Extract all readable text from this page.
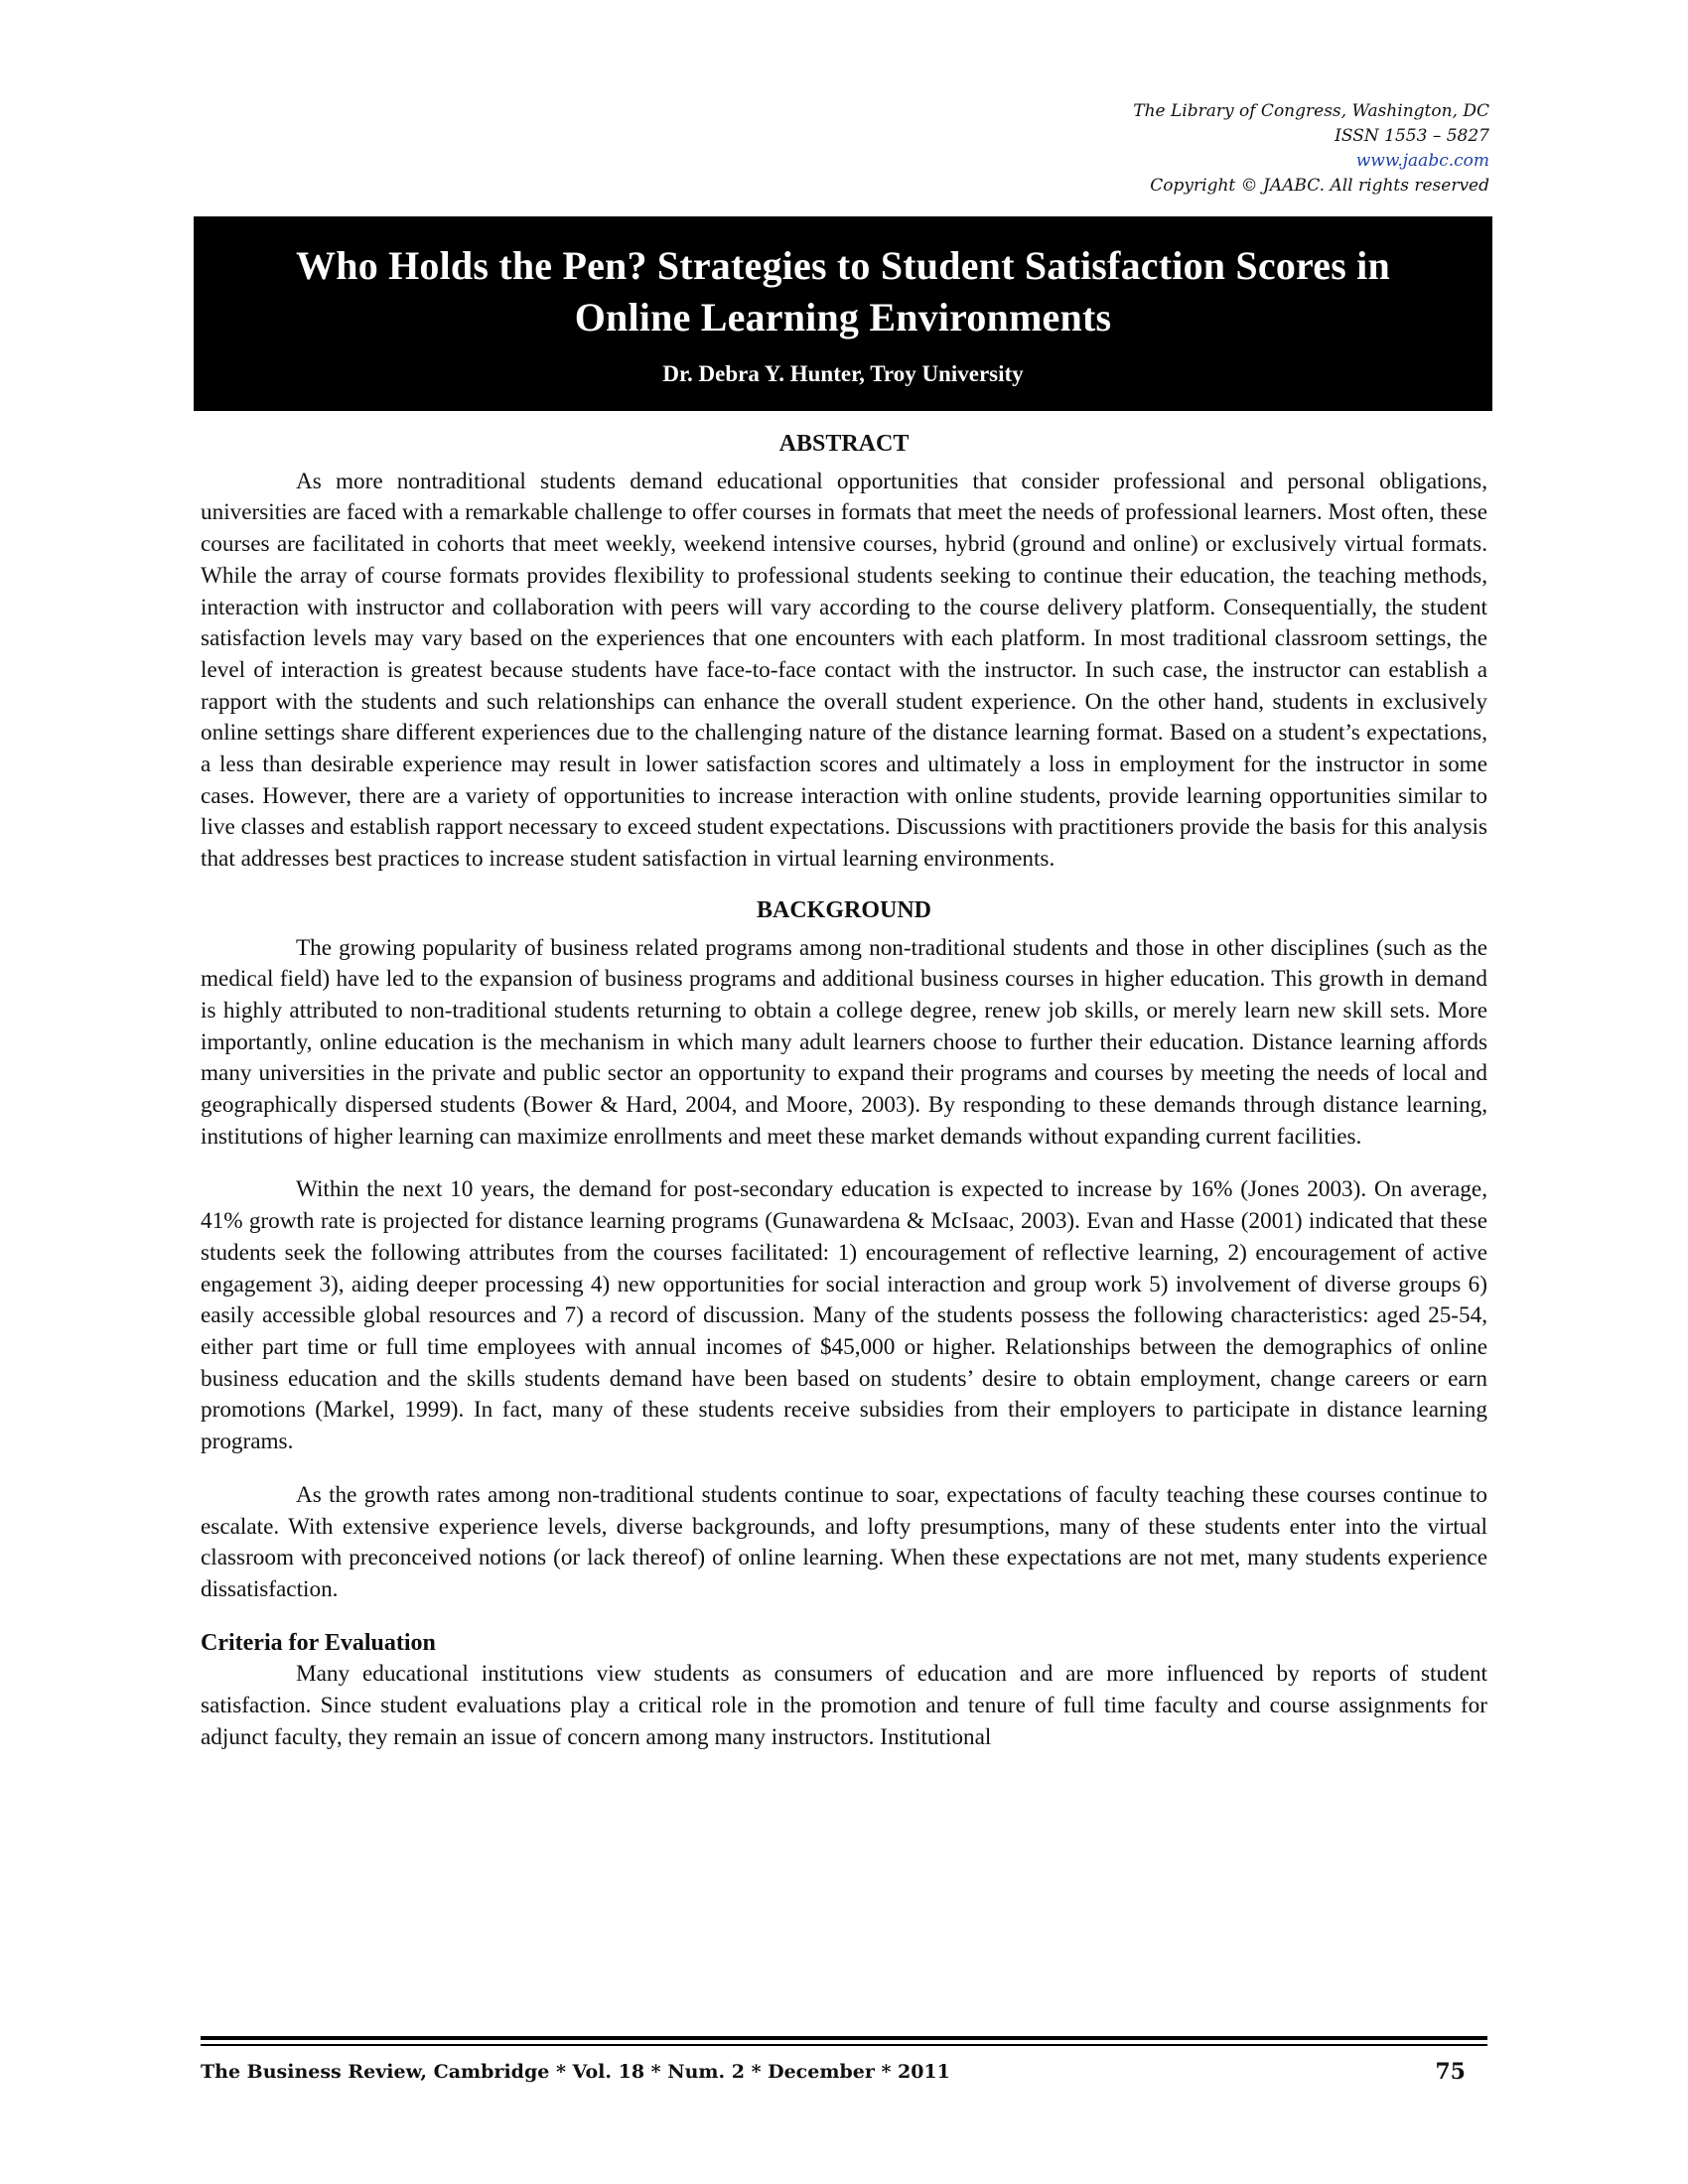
The Library of Congress, Washington, DC
ISSN 1553 – 5827
www.jaabc.com
Copyright © JAABC. All rights reserved
Who Holds the Pen? Strategies to Student Satisfaction Scores in
Online Learning Environments
Dr. Debra Y. Hunter, Troy University
ABSTRACT

As more nontraditional students demand educational opportunities that consider professional and personal obligations, universities are faced with a remarkable challenge to offer courses in formats that meet the needs of professional learners. Most often, these courses are facilitated in cohorts that meet weekly, weekend intensive courses, hybrid (ground and online) or exclusively virtual formats. While the array of course formats provides flexibility to professional students seeking to continue their education, the teaching methods, interaction with instructor and collaboration with peers will vary according to the course delivery platform. Consequentially, the student satisfaction levels may vary based on the experiences that one encounters with each platform. In most traditional classroom settings, the level of interaction is greatest because students have face-to-face contact with the instructor. In such case, the instructor can establish a rapport with the students and such relationships can enhance the overall student experience. On the other hand, students in exclusively online settings share different experiences due to the challenging nature of the distance learning format. Based on a student’s expectations, a less than desirable experience may result in lower satisfaction scores and ultimately a loss in employment for the instructor in some cases. However, there are a variety of opportunities to increase interaction with online students, provide learning opportunities similar to live classes and establish rapport necessary to exceed student expectations. Discussions with practitioners provide the basis for this analysis that addresses best practices to increase student satisfaction in virtual learning environments.

BACKGROUND

The growing popularity of business related programs among non-traditional students and those in other disciplines (such as the medical field) have led to the expansion of business programs and additional business courses in higher education. This growth in demand is highly attributed to non-traditional students returning to obtain a college degree, renew job skills, or merely learn new skill sets. More importantly, online education is the mechanism in which many adult learners choose to further their education. Distance learning affords many universities in the private and public sector an opportunity to expand their programs and courses by meeting the needs of local and geographically dispersed students (Bower & Hard, 2004, and Moore, 2003). By responding to these demands through distance learning, institutions of higher learning can maximize enrollments and meet these market demands without expanding current facilities.

Within the next 10 years, the demand for post-secondary education is expected to increase by 16% (Jones 2003). On average, 41% growth rate is projected for distance learning programs (Gunawardena & McIsaac, 2003). Evan and Hasse (2001) indicated that these students seek the following attributes from the courses facilitated: 1) encouragement of reflective learning, 2) encouragement of active engagement 3), aiding deeper processing 4) new opportunities for social interaction and group work 5) involvement of diverse groups 6) easily accessible global resources and 7) a record of discussion. Many of the students possess the following characteristics: aged 25-54, either part time or full time employees with annual incomes of $45,000 or higher. Relationships between the demographics of online business education and the skills students demand have been based on students’ desire to obtain employment, change careers or earn promotions (Markel, 1999). In fact, many of these students receive subsidies from their employers to participate in distance learning programs.

As the growth rates among non-traditional students continue to soar, expectations of faculty teaching these courses continue to escalate. With extensive experience levels, diverse backgrounds, and lofty presumptions, many of these students enter into the virtual classroom with preconceived notions (or lack thereof) of online learning. When these expectations are not met, many students experience dissatisfaction.

Criteria for Evaluation

Many educational institutions view students as consumers of education and are more influenced by reports of student satisfaction. Since student evaluations play a critical role in the promotion and tenure of full time faculty and course assignments for adjunct faculty, they remain an issue of concern among many instructors. Institutional

The Business Review, Cambridge * Vol. 18 * Num. 2 * December * 2011	75
